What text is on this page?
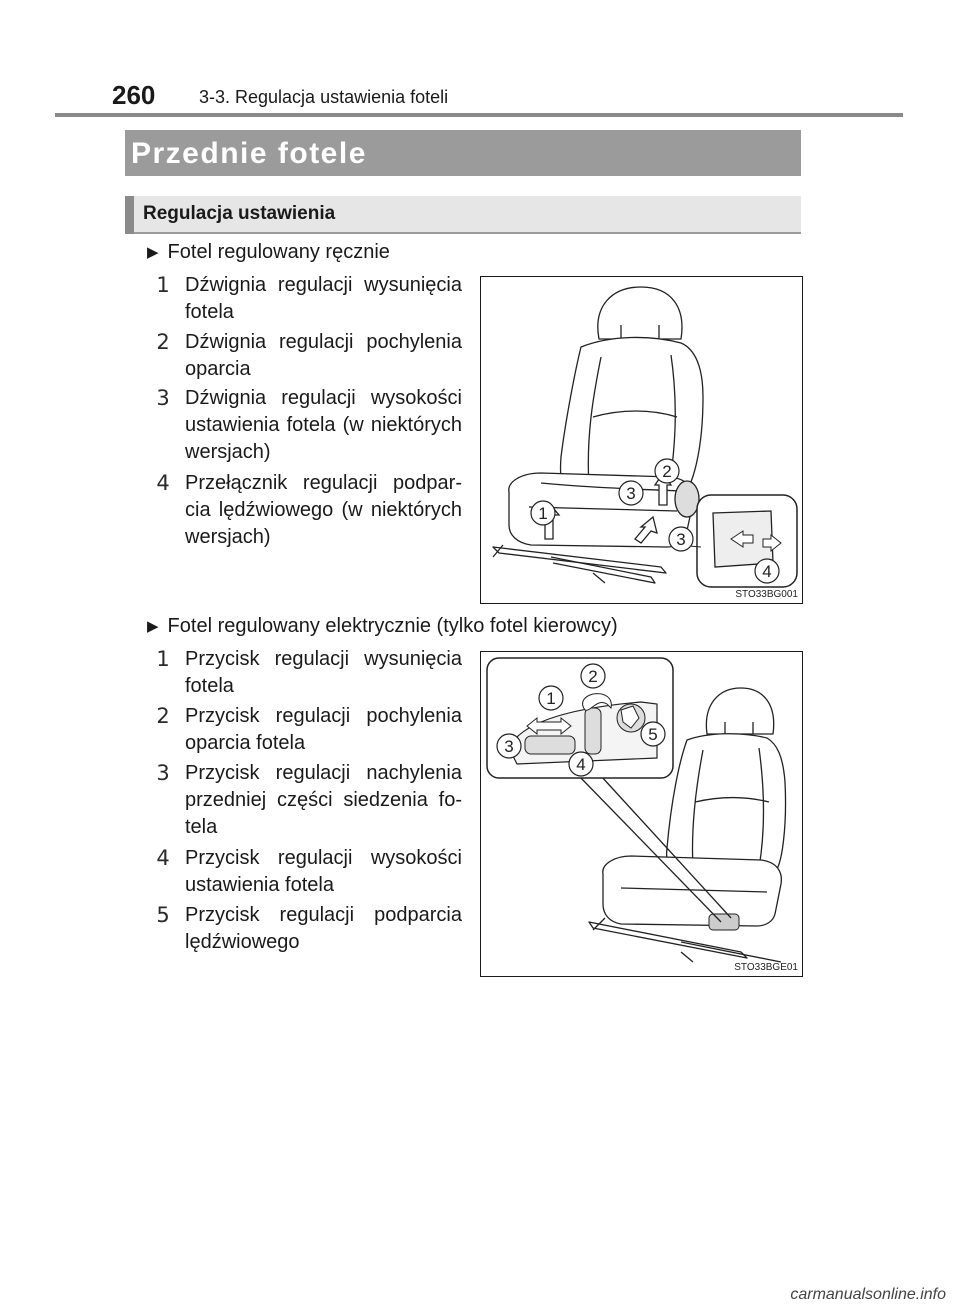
260 3-3. Regulacja ustawienia foteli
Przednie fotele
Regulacja ustawienia
▶ Fotel regulowany ręcznie
1 Dźwignia regulacji wysunięcia fotela
2 Dźwignia regulacji pochylenia oparcia
3 Dźwignia regulacji wysokości ustawienia fotela (w niektórych wersjach)
4 Przełącznik regulacji podpar-cia lędźwiowego (w niektórych wersjach)
1
3
2
3
4
STO33BG001
▶ Fotel regulowany elektrycznie (tylko fotel kierowcy)
1 Przycisk regulacji wysunięcia fotela
2 Przycisk regulacji pochylenia oparcia fotela
3 Przycisk regulacji nachylenia przedniej części siedzenia fo-tela
4 Przycisk regulacji wysokości ustawienia fotela
5 Przycisk regulacji podparcia lędźwiowego
1
2
3
4
5
STO33BGE01
carmanualsonline.info
